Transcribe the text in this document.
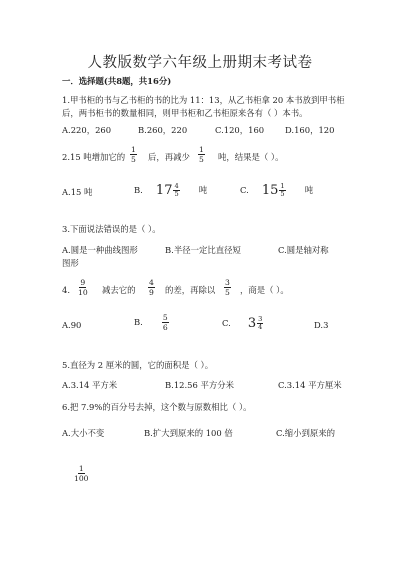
人教版数学六年级上册期末考试卷
一．选择题(共8题，共16分)
1.甲书柜的书与乙书柜的书的比为 11：13，从乙书柜拿 20 本书放到甲书柜
后，两书柜书的数量相同，则甲书柜和乙书柜原来各有（ ）本书。
A.220，260	B.260，220	C.120，160 D.160，120
2.15 吨增加它的 $\frac{1}{5}$ 后，再减少 $\frac{1}{5}$ 吨，结果是（ ）。
A.15 吨	B. $17 \frac{4}{5}$ 吨	C. $15 \frac{1}{5}$ 吨
3.下面说法错误的是（ ）。
A.圆是一种曲线图形	B.半径一定比直径短	C.圆是轴对称
图形
4. $\frac{9}{10}$ 减去它的 $\frac{4}{9}$ 的差，再除以 $\frac{3}{5}$ ，商是（ ）。
A.90	B.	$\frac{5}{6}$	C. $3 \frac{3}{4}$	D.3
5.直径为 2 厘米的圆，它的面积是（ ）。
A.3.14 平方米	B.12.56 平方分米	C.3.14 平方厘米
6.把 7.9%的百分号去掉，这个数与原数相比（ ）。
A.大小不变	B.扩大到原来的 100 倍	C.缩小到原来的
$\frac{1}{100}$
